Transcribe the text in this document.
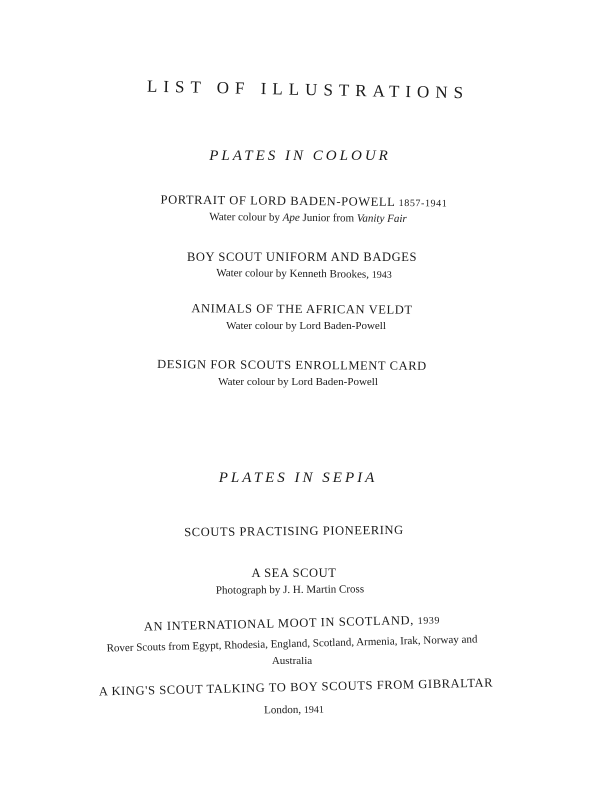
LIST OF ILLUSTRATIONS
PLATES IN COLOUR
PORTRAIT OF LORD BADEN-POWELL 1857-1941
Water colour by Ape Junior from Vanity Fair
BOY SCOUT UNIFORM AND BADGES
Water colour by Kenneth Brookes, 1943
ANIMALS OF THE AFRICAN VELDT
Water colour by Lord Baden-Powell
DESIGN FOR SCOUTS ENROLLMENT CARD
Water colour by Lord Baden-Powell
PLATES IN SEPIA
SCOUTS PRACTISING PIONEERING
A SEA SCOUT
Photograph by J. H. Martin Cross
AN INTERNATIONAL MOOT IN SCOTLAND, 1939
Rover Scouts from Egypt, Rhodesia, England, Scotland, Armenia, Irak, Norway and
Australia
A KING'S SCOUT TALKING TO BOY SCOUTS FROM GIBRALTAR
London, 1941
